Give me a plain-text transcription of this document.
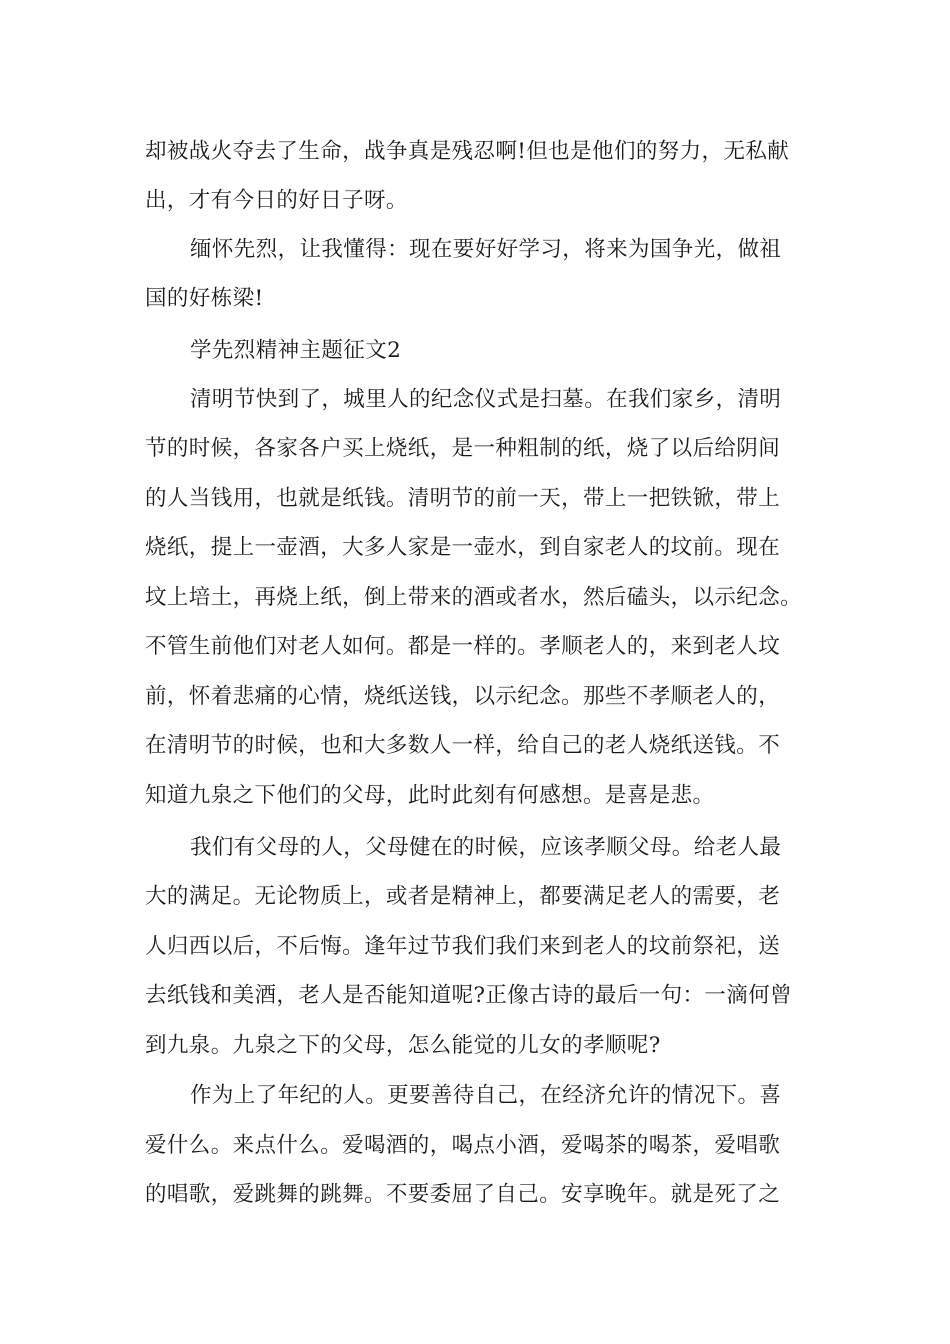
却被战火夺去了生命，战争真是残忍啊!但也是他们的努力，无私献
出，才有今日的好日子呀。
缅怀先烈，让我懂得：现在要好好学习，将来为国争光，做祖
国的好栋梁!
学先烈精神主题征文2
清明节快到了，城里人的纪念仪式是扫墓。在我们家乡，清明
节的时候，各家各户买上烧纸，是一种粗制的纸，烧了以后给阴间
的人当钱用，也就是纸钱。清明节的前一天，带上一把铁锨，带上
烧纸，提上一壶酒，大多人家是一壶水，到自家老人的坟前。现在
坟上培土，再烧上纸，倒上带来的酒或者水，然后磕头，以示纪念。
不管生前他们对老人如何。都是一样的。孝顺老人的，来到老人坟
前，怀着悲痛的心情，烧纸送钱，以示纪念。那些不孝顺老人的，
在清明节的时候，也和大多数人一样，给自己的老人烧纸送钱。不
知道九泉之下他们的父母，此时此刻有何感想。是喜是悲。
我们有父母的人，父母健在的时候，应该孝顺父母。给老人最
大的满足。无论物质上，或者是精神上，都要满足老人的需要，老
人归西以后，不后悔。逢年过节我们我们来到老人的坟前祭祀，送
去纸钱和美酒，老人是否能知道呢?正像古诗的最后一句：一滴何曾
到九泉。九泉之下的父母，怎么能觉的儿女的孝顺呢?
作为上了年纪的人。更要善待自己，在经济允许的情况下。喜
爱什么。来点什么。爱喝酒的，喝点小酒，爱喝茶的喝茶，爱唱歌
的唱歌，爱跳舞的跳舞。不要委屈了自己。安享晚年。就是死了之
